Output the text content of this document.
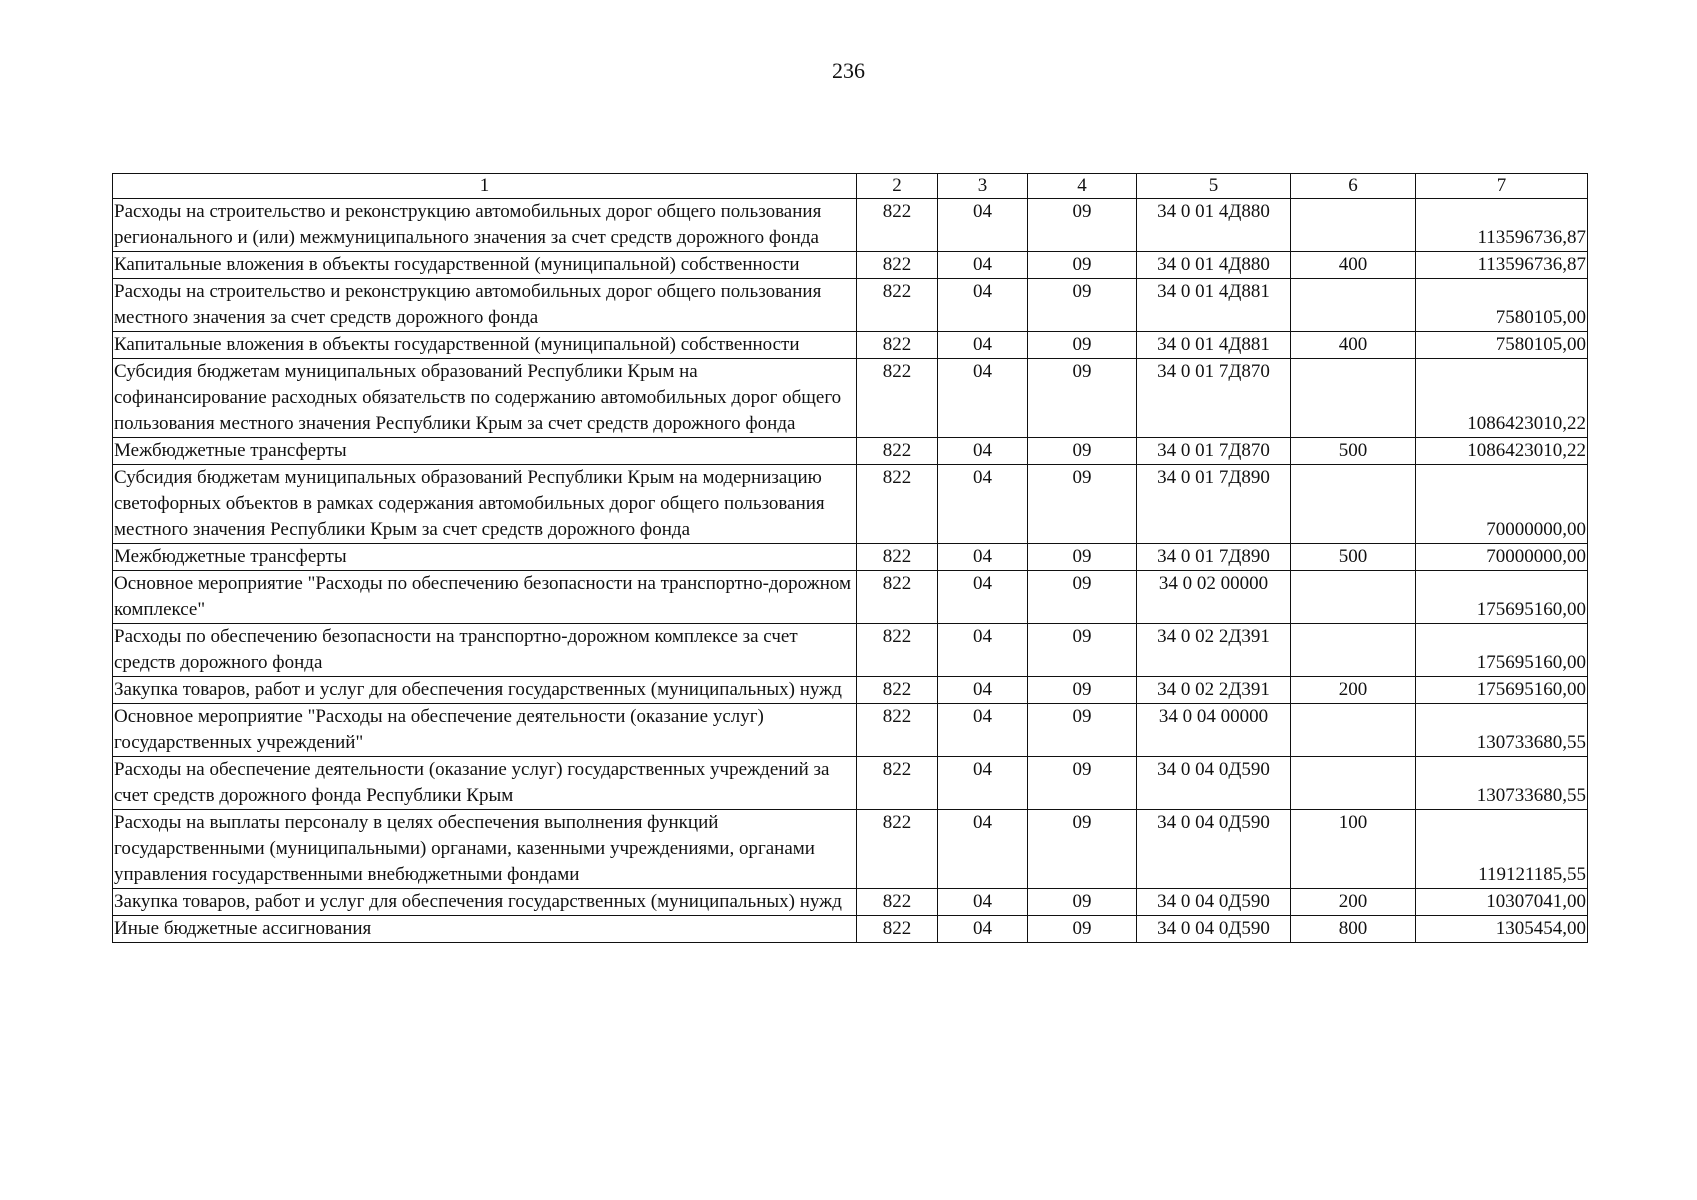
236
1	2	3	4	5	6	7
Расходы на строительство и реконструкцию автомобильных дорог общего пользования регионального и (или) межмуниципального значения за счет средств дорожного фонда	822	04	09	34 0 01 4Д880		113596736,87
Капитальные вложения в объекты государственной (муниципальной) собственности	822	04	09	34 0 01 4Д880	400	113596736,87
Расходы на строительство и реконструкцию автомобильных дорог общего пользования местного значения за счет средств дорожного фонда	822	04	09	34 0 01 4Д881		7580105,00
Капитальные вложения в объекты государственной (муниципальной) собственности	822	04	09	34 0 01 4Д881	400	7580105,00
Субсидия бюджетам муниципальных образований Республики Крым на софинансирование расходных обязательств по содержанию автомобильных дорог общего пользования местного значения Республики Крым за счет средств дорожного фонда	822	04	09	34 0 01 7Д870		1086423010,22
Межбюджетные трансферты	822	04	09	34 0 01 7Д870	500	1086423010,22
Субсидия бюджетам муниципальных образований Республики Крым на модернизацию светофорных объектов в рамках содержания автомобильных дорог общего пользования местного значения Республики Крым за счет средств дорожного фонда	822	04	09	34 0 01 7Д890		70000000,00
Межбюджетные трансферты	822	04	09	34 0 01 7Д890	500	70000000,00
Основное мероприятие "Расходы по обеспечению безопасности на транспортно-дорожном комплексе"	822	04	09	34 0 02 00000		175695160,00
Расходы по обеспечению безопасности на транспортно-дорожном комплексе за счет средств дорожного фонда	822	04	09	34 0 02 2Д391		175695160,00
Закупка товаров, работ и услуг для обеспечения государственных (муниципальных) нужд	822	04	09	34 0 02 2Д391	200	175695160,00
Основное мероприятие "Расходы на обеспечение деятельности (оказание услуг) государственных учреждений"	822	04	09	34 0 04 00000		130733680,55
Расходы на обеспечение деятельности (оказание услуг) государственных учреждений за счет средств дорожного фонда Республики Крым	822	04	09	34 0 04 0Д590		130733680,55
Расходы на выплаты персоналу в целях обеспечения выполнения функций государственными (муниципальными) органами, казенными учреждениями, органами управления государственными внебюджетными фондами	822	04	09	34 0 04 0Д590	100	119121185,55
Закупка товаров, работ и услуг для обеспечения государственных (муниципальных) нужд	822	04	09	34 0 04 0Д590	200	10307041,00
Иные бюджетные ассигнования	822	04	09	34 0 04 0Д590	800	1305454,00
